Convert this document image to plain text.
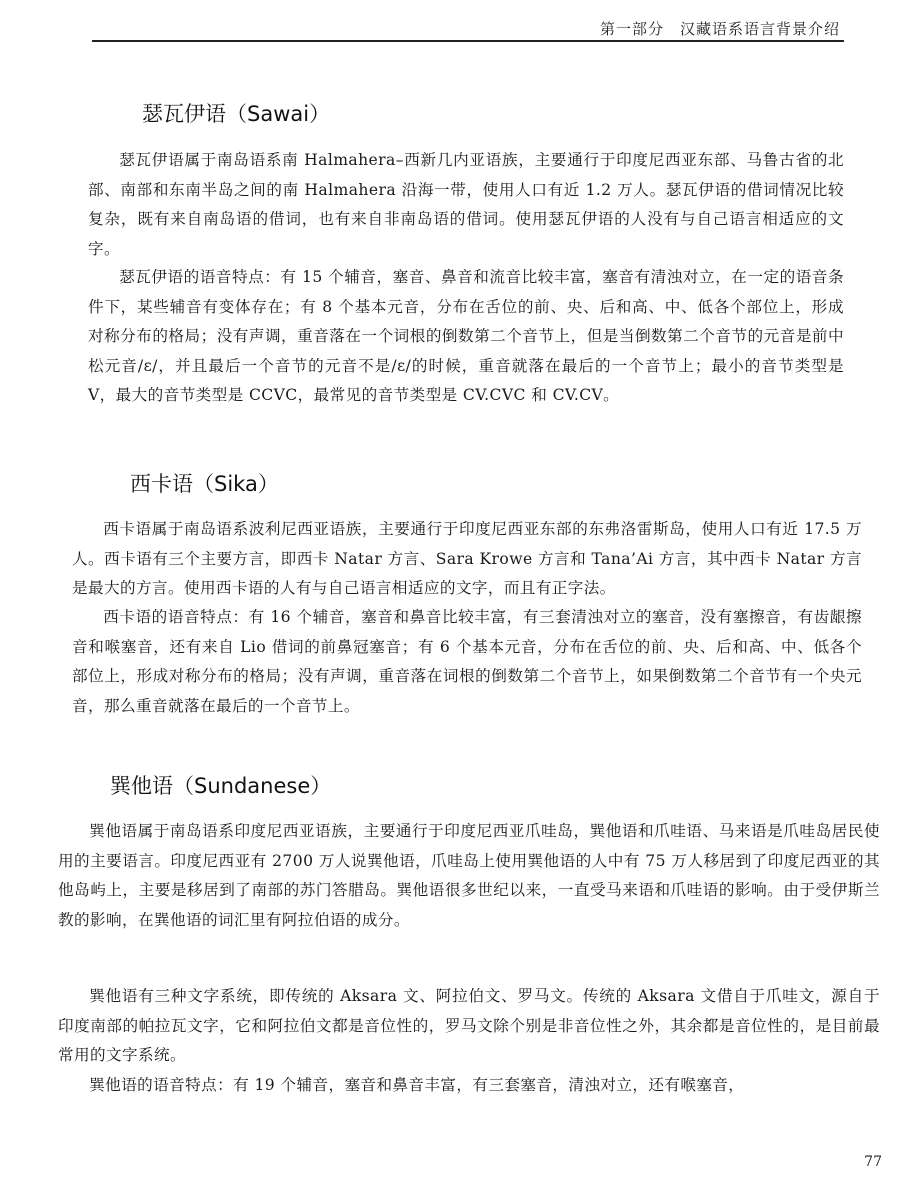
第一部分　汉藏语系语言背景介绍
瑟瓦伊语（Sawai）
瑟瓦伊语属于南岛语系南 Halmahera–西新几内亚语族，主要通行于印度尼西亚东部、马鲁古省的北部、南部和东南半岛之间的南 Halmahera 沿海一带，使用人口有近 1.2 万人。瑟瓦伊语的借词情况比较复杂，既有来自南岛语的借词，也有来自非南岛语的借词。使用瑟瓦伊语的人没有与自己语言相适应的文字。
瑟瓦伊语的语音特点：有 15 个辅音，塞音、鼻音和流音比较丰富，塞音有清浊对立，在一定的语音条件下，某些辅音有变体存在；有 8 个基本元音，分布在舌位的前、央、后和高、中、低各个部位上，形成对称分布的格局；没有声调，重音落在一个词根的倒数第二个音节上，但是当倒数第二个音节的元音是前中松元音/ɛ/，并且最后一个音节的元音不是/ɛ/的时候，重音就落在最后的一个音节上；最小的音节类型是 V，最大的音节类型是 CCVC，最常见的音节类型是 CV.CVC 和 CV.CV。
西卡语（Sika）
西卡语属于南岛语系波利尼西亚语族，主要通行于印度尼西亚东部的东弗洛雷斯岛，使用人口有近 17.5 万人。西卡语有三个主要方言，即西卡 Natar 方言、Sara Krowe 方言和 Tana’Ai 方言，其中西卡 Natar 方言是最大的方言。使用西卡语的人有与自己语言相适应的文字，而且有正字法。
西卡语的语音特点：有 16 个辅音，塞音和鼻音比较丰富，有三套清浊对立的塞音，没有塞擦音，有齿龈擦音和喉塞音，还有来自 Lio 借词的前鼻冠塞音；有 6 个基本元音，分布在舌位的前、央、后和高、中、低各个部位上，形成对称分布的格局；没有声调，重音落在词根的倒数第二个音节上，如果倒数第二个音节有一个央元音，那么重音就落在最后的一个音节上。
巽他语（Sundanese）
巽他语属于南岛语系印度尼西亚语族，主要通行于印度尼西亚爪哇岛，巽他语和爪哇语、马来语是爪哇岛居民使用的主要语言。印度尼西亚有 2700 万人说巽他语，爪哇岛上使用巽他语的人中有 75 万人移居到了印度尼西亚的其他岛屿上，主要是移居到了南部的苏门答腊岛。巽他语很多世纪以来，一直受马来语和爪哇语的影响。由于受伊斯兰教的影响，在巽他语的词汇里有阿拉伯语的成分。
巽他语有三种文字系统，即传统的 Aksara 文、阿拉伯文、罗马文。传统的 Aksara 文借自于爪哇文，源自于印度南部的帕拉瓦文字，它和阿拉伯文都是音位性的，罗马文除个别是非音位性之外，其余都是音位性的，是目前最常用的文字系统。
巽他语的语音特点：有 19 个辅音，塞音和鼻音丰富，有三套塞音，清浊对立，还有喉塞音，
77
